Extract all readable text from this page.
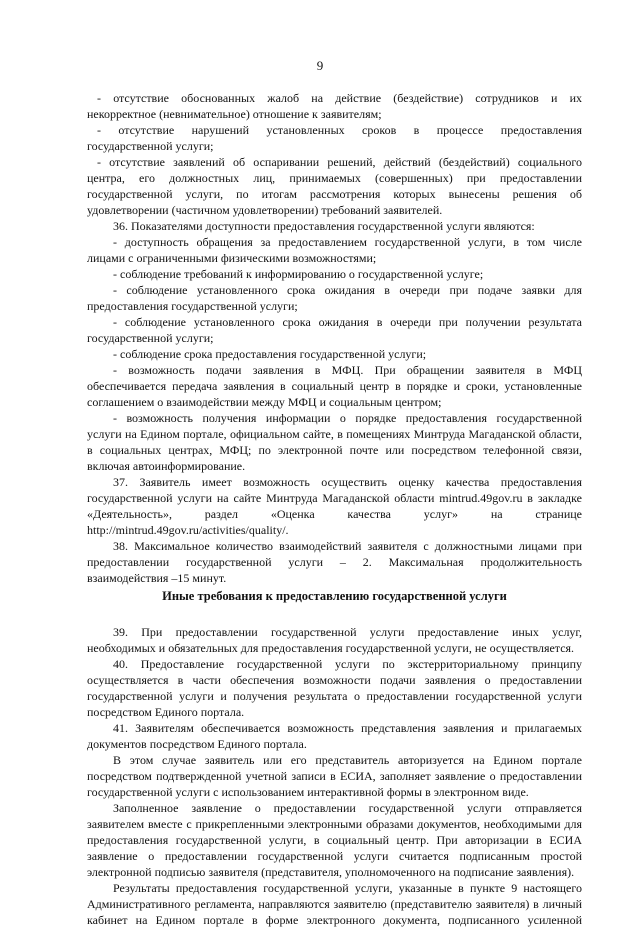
9

- отсутствие обоснованных жалоб на действие (бездействие) сотрудников и их

некорректное (невнимательное) отношение к заявителям;

- отсутствие нарушений установленных сроков в процессе предоставления

государственной услуги;

- отсутствие заявлений об оспаривании решений, действий (бездействий) социального

центра, его должностных лиц, принимаемых (совершенных) при предоставлении

государственной услуги, по итогам рассмотрения которых вынесены решения об

удовлетворении (частичном удовлетворении) требований заявителей.

36. Показателями доступности предоставления государственной услуги являются:

- доступность обращения за предоставлением государственной услуги, в том числе

лицами с ограниченными физическими возможностями;

- соблюдение требований к информированию о государственной услуге;

- соблюдение установленного срока ожидания в очереди при подаче заявки для

предоставления государственной услуги;

- соблюдение установленного срока ожидания в очереди при получении результата

государственной услуги;

- соблюдение срока предоставления государственной услуги;

- возможность подачи заявления в МФЦ. При обращении заявителя в МФЦ

обеспечивается передача заявления в социальный центр в порядке и сроки, установленные

соглашением о взаимодействии между МФЦ и социальным центром;

- возможность получения информации о порядке предоставления государственной

услуги на Едином портале, официальном сайте, в помещениях Минтруда Магаданской области,

в социальных центрах, МФЦ; по электронной почте или посредством телефонной связи,

включая автоинформирование.

37. Заявитель имеет возможность осуществить оценку качества предоставления

государственной услуги на сайте Минтруда Магаданской области mintrud.49gov.ru в закладке

«Деятельность», раздел «Оценка качества услуг» на странице

http://mintrud.49gov.ru/activities/quality/.

38. Максимальное количество взаимодействий заявителя с должностными лицами при

предоставлении государственной услуги – 2. Максимальная продолжительность

взаимодействия –15 минут.

Иные требования к предоставлению государственной услуги

39. При предоставлении государственной услуги предоставление иных услуг,

необходимых и обязательных для предоставления государственной услуги, не осуществляется.

40. Предоставление государственной услуги по экстерриториальному принципу

осуществляется в части обеспечения возможности подачи заявления о предоставлении

государственной услуги и получения результата о предоставлении государственной услуги

посредством Единого портала.

41. Заявителям обеспечивается возможность представления заявления и прилагаемых

документов посредством Единого портала.

В этом случае заявитель или его представитель авторизуется на Едином портале

посредством подтвержденной учетной записи в ЕСИА, заполняет заявление о предоставлении

государственной услуги с использованием интерактивной формы в электронном виде.

Заполненное заявление о предоставлении государственной услуги отправляется

заявителем вместе с прикрепленными электронными образами документов, необходимыми для

предоставления государственной услуги, в социальный центр. При авторизации в ЕСИА

заявление о предоставлении государственной услуги считается подписанным простой

электронной подписью заявителя (представителя, уполномоченного на подписание заявления).

Результаты предоставления государственной услуги, указанные в пункте 9 настоящего

Административного регламента, направляются заявителю (представителю заявителя) в личный

кабинет на Едином портале в форме электронного документа, подписанного усиленной
